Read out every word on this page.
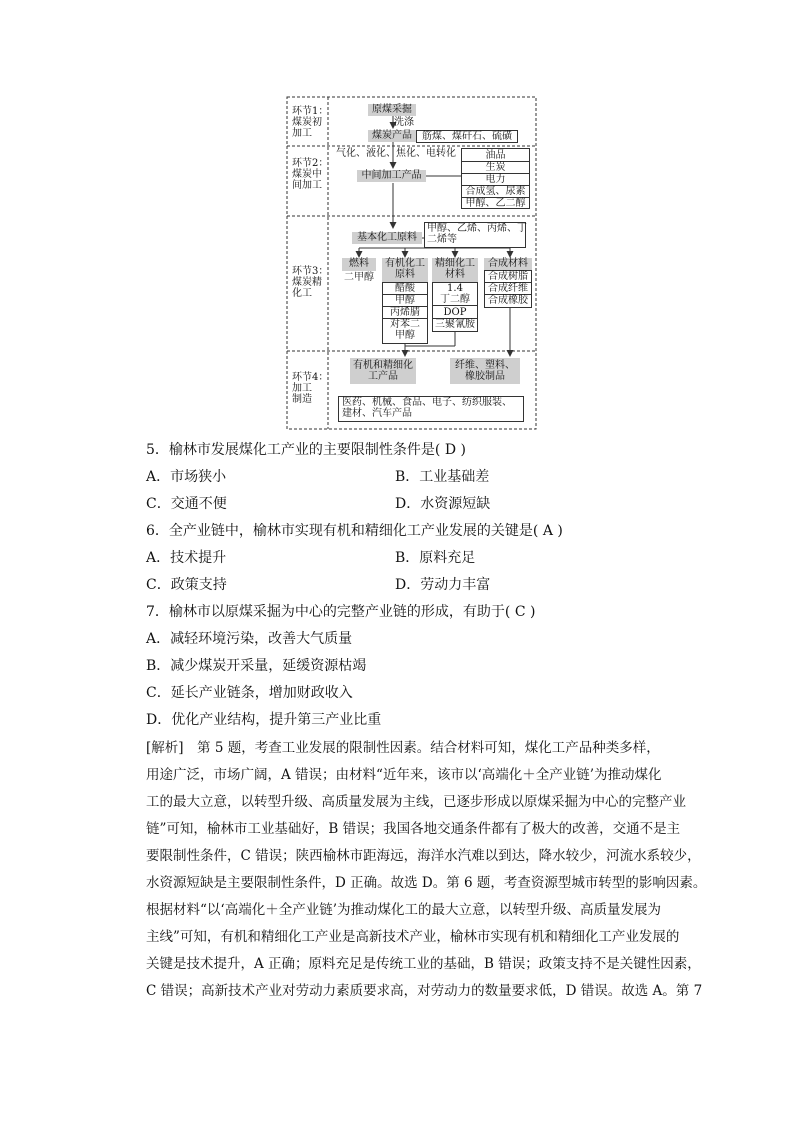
环节1：
煤炭初
加工
环节2：
煤炭中
间加工
环节3：
煤炭精
化工
环节4：
加工
制造
原煤采掘
洗涤
煤炭产品	筋煤、煤矸石、硫磺
气化、液化、焦化、电转化
中间加工产品
油品
生炭
电力
合成氢、尿素
甲醇、乙二醇
基本化工原料
甲醇、乙烯、丙烯、丁
二烯等
燃料
二甲醇
有机化工
原料
醋酸
甲醇
丙烯腈
对苯二
甲醇
精细化工
材料
1.4
丁二醇
DOP
三聚氰胺
合成材料
合成树脂
合成纤维
合成橡胶
有机和精细化
工产品
纤维、塑料、
橡胶制品
医药、机械、食品、电子、纺织服装、
建材、汽车产品
5．榆林市发展煤化工产业的主要限制性条件是( D )
A．市场狭小	B．工业基础差
C．交通不便	D．水资源短缺
6．全产业链中，榆林市实现有机和精细化工产业发展的关键是( A )
A．技术提升	B．原料充足
C．政策支持	D．劳动力丰富
7．榆林市以原煤采掘为中心的完整产业链的形成，有助于( C )
A．减轻环境污染，改善大气质量
B．减少煤炭开采量，延缓资源枯竭
C．延长产业链条，增加财政收入
D．优化产业结构，提升第三产业比重

[解析]　第 5 题，考查工业发展的限制性因素。结合材料可知，煤化工产品种类多样，

用途广泛，市场广阔，A 错误；由材料“近年来，该市以‘高端化＋全产业链’为推动煤化

工的最大立意，以转型升级、高质量发展为主线，已逐步形成以原煤采掘为中心的完整产业

链”可知，榆林市工业基础好，B 错误；我国各地交通条件都有了极大的改善，交通不是主

要限制性条件，C 错误；陕西榆林市距海远，海洋水汽难以到达，降水较少，河流水系较少，

水资源短缺是主要限制性条件，D 正确。故选 D。第 6 题，考查资源型城市转型的影响因素。

根据材料“以‘高端化＋全产业链’为推动煤化工的最大立意，以转型升级、高质量发展为

主线”可知，有机和精细化工产业是高新技术产业，榆林市实现有机和精细化工产业发展的

关键是技术提升，A 正确；原料充足是传统工业的基础，B 错误；政策支持不是关键性因素，

C 错误；高新技术产业对劳动力素质要求高，对劳动力的数量要求低，D 错误。故选 A。第 7
